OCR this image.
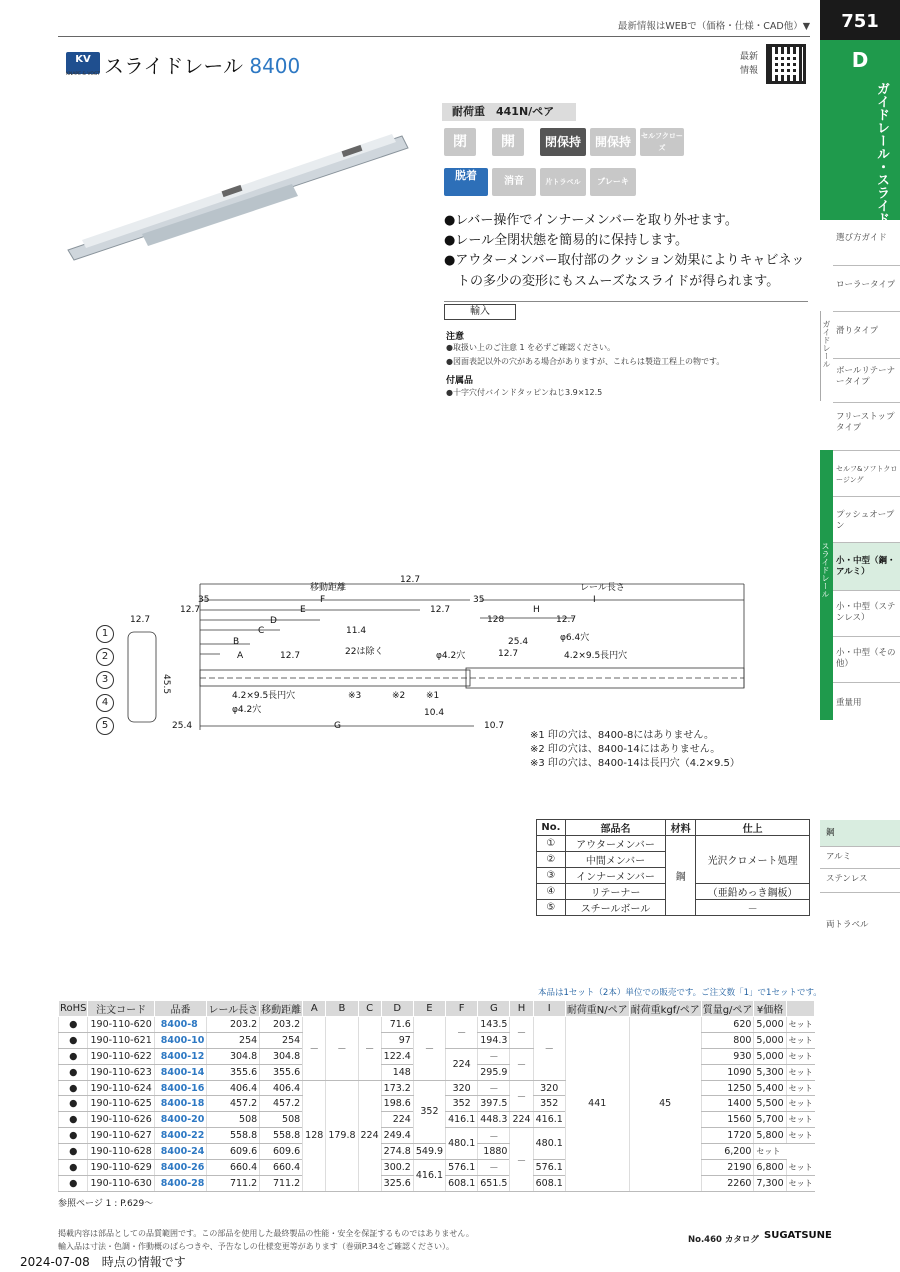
最新情報はWEBで（価格・仕様・CAD他）▼	751
KV
KNAPE & VOGT スライドレール 8400	最新 情報	D
ガイドレール・スライドレール
選び方ガイド
ローラータイプ
滑りタイプ
ボールリテーナータイプ
フリーストップタイプ
ガイドレール
スライドレール
セルフ&ソフトクロージング
プッシュオープン
小・中型（鋼・アルミ）
小・中型（ステンレス）
小・中型（その他）
重量用
鋼
アルミ
ステンレス
両トラベル
耐荷重　441N/ペア
閉	開	閉保持	開保持	セルフクローズ
脱着	消音	片トラベル	ブレーキ
●レバー操作でインナーメンバーを取り外せます。
●レール全閉状態を簡易的に保持します。
●アウターメンバー取付部のクッション効果によりキャビネッ
　トの多少の変形にもスムーズなスライドが得られます。
輸入
注意
●取扱い上のご注意 1 を必ずご確認ください。
●図面表記以外の穴がある場合がありますが、これらは製造工程上の物です。
付属品
●十字穴付バインドタッピンねじ3.9×12.5
移動距離
12.7
レール長さ
35	F
E
D
C
B
A
12.7
11.4
12.7	22は除く	φ4.2穴
12.7
35	I
H
128	12.7
25.4	φ6.4穴
12.7	4.2×9.5長円穴
4.2×9.5長円穴	※3	※2 ※1
φ4.2穴	10.4
G
25.4	10.7
45.5
12.7
1
2
3
4
5
※1 印の穴は、8400-8にはありません。
※2 印の穴は、8400-14にはありません。
※3 印の穴は、8400-14は長円穴（4.2×9.5）
No.	部品名	材料	仕上
①	アウターメンバー	鋼	光沢クロメート処理
②	中間メンバー		
③	インナーメンバー		
④	リテーナー		（亜鉛めっき鋼板）
⑤	スチールボール		－
本品は1セット（2本）単位での販売です。ご注文数「1」で1セットです。
RoHS	注文コード	品番	レール長さ	移動距離	A	B	C	D	E	F	G	H	I	耐荷重N/ペア	耐荷重kgf/ペア	質量g/ペア	¥価格	
●	190-110-620	8400-8	203.2	203.2	－	－	－	71.6	－	－	143.5	－	－	441	45	620	5,000	セット
●	190-110-621	8400-10	254	254				97			194.3					800	5,000	セット
●	190-110-622	8400-12	304.8	304.8				122.4		224	－	－				930	5,000	セット
●	190-110-623	8400-14	355.6	355.6				148			295.9					1090	5,300	セット
●	190-110-624	8400-16	406.4	406.4	128	179.8	224	173.2	352	320	－	－	320			1250	5,400	セット
●	190-110-625	8400-18	457.2	457.2				198.6		352	397.5		352			1400	5,500	セット
●	190-110-626	8400-20	508	508				224		416.1	448.3	224	416.1			1560	5,700	セット
●	190-110-627	8400-22	558.8	558.8				249.4		480.1	－	－	480.1			1720	5,800	セット
●	190-110-628	8400-24	609.6	609.6				274.8	549.9		1880					6,200	セット	
●	190-110-629	8400-26	660.4	660.4				300.2	416.1	576.1	－		576.1			2190	6,800	セット
●	190-110-630	8400-28	711.2	711.2				325.6		608.1	651.5		608.1			2260	7,300	セット
参照ページ 1 : P.629～
掲載内容は部品としての品質範囲です。この部品を使用した最終製品の性能・安全を保証するものではありません。
輸入品は寸法・色調・作動概のばらつきや、予告なしの仕様変更等があります（巻頭P.34をご確認ください）。
No.460 カタログ SUGATSUNE
2024-07-08　時点の情報です
